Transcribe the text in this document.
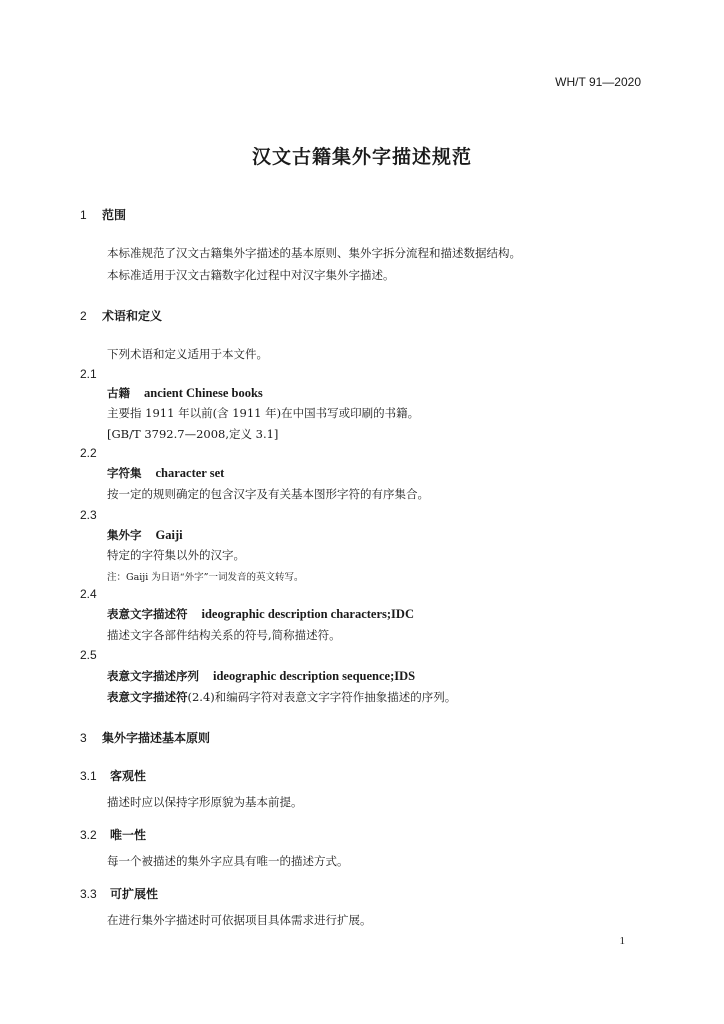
WH/T 91—2020
汉文古籍集外字描述规范
1 范围
本标准规范了汉文古籍集外字描述的基本原则、集外字拆分流程和描述数据结构。
本标准适用于汉文古籍数字化过程中对汉字集外字描述。
2 术语和定义
下列术语和定义适用于本文件。
2.1
古籍 ancient Chinese books
主要指 1911 年以前(含 1911 年)在中国书写或印刷的书籍。
[GB/T 3792.7—2008,定义 3.1]
2.2
字符集 character set
按一定的规则确定的包含汉字及有关基本图形字符的有序集合。
2.3
集外字 Gaiji
特定的字符集以外的汉字。
注：Gaiji 为日语“外字”一词发音的英文转写。
2.4
表意文字描述符 ideographic description characters;IDC
描述文字各部件结构关系的符号,简称描述符。
2.5
表意文字描述序列 ideographic description sequence;IDS
表意文字描述符(2.4)和编码字符对表意文字字符作抽象描述的序列。
3 集外字描述基本原则
3.1 客观性
描述时应以保持字形原貌为基本前提。
3.2 唯一性
每一个被描述的集外字应具有唯一的描述方式。
3.3 可扩展性
在进行集外字描述时可依据项目具体需求进行扩展。
1
